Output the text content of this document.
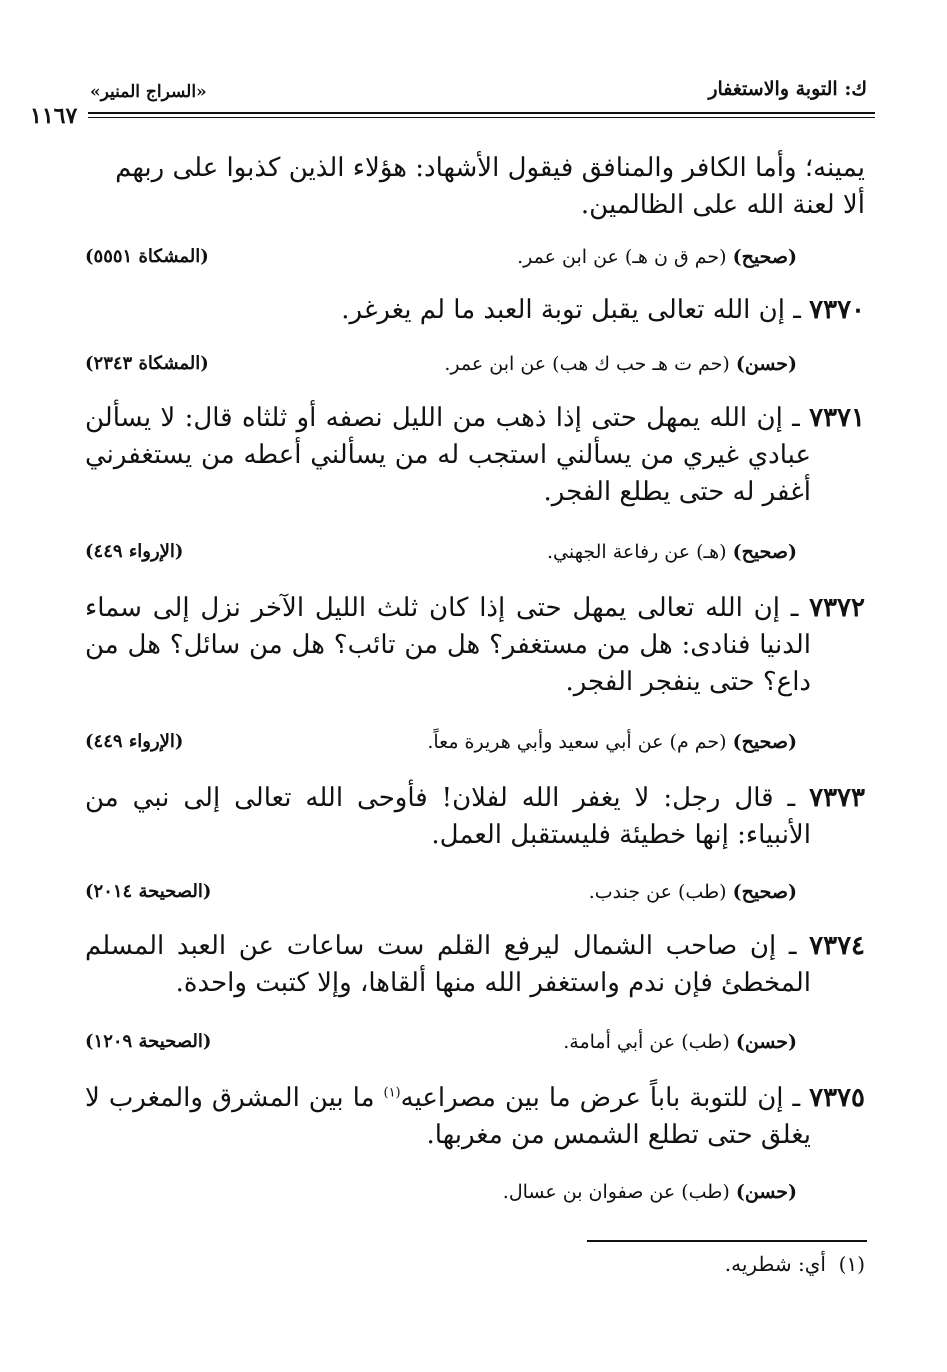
ك: التوبة والاستغفار
«السراج المنير»
١١٦٧
يمينه؛ وأما الكافر والمنافق فيقول الأشهاد: هؤلاء الذين كذبوا على ربهم
ألا لعنة الله على الظالمين.
(صحيح) (حم ق ن هـ) عن ابن عمر.
(المشكاة ٥٥٥١)
٧٣٧٠ ـ إن الله تعالى يقبل توبة العبد ما لم يغرغر.
(حسن) (حم ت هـ حب ك هب) عن ابن عمر.
(المشكاة ٢٣٤٣)
٧٣٧١ ـ إن الله يمهل حتى إذا ذهب من الليل نصفه أو ثلثاه قال: لا يسألن عبادي غيري من يسألني استجب له من يسألني أعطه من يستغفرني أغفر له حتى يطلع الفجر.
(صحيح) (هـ) عن رفاعة الجهني.
(الإرواء ٤٤٩)
٧٣٧٢ ـ إن الله تعالى يمهل حتى إذا كان ثلث الليل الآخر نزل إلى سماء الدنيا فنادى: هل من مستغفر؟ هل من تائب؟ هل من سائل؟ هل من داع؟ حتى ينفجر الفجر.
(صحيح) (حم م) عن أبي سعيد وأبي هريرة معاً.
(الإرواء ٤٤٩)
٧٣٧٣ ـ قال رجل: لا يغفر الله لفلان! فأوحى الله تعالى إلى نبي من الأنبياء: إنها خطيئة فليستقبل العمل.
(صحيح) (طب) عن جندب.
(الصحيحة ٢٠١٤)
٧٣٧٤ ـ إن صاحب الشمال ليرفع القلم ست ساعات عن العبد المسلم المخطئ فإن ندم واستغفر الله منها ألقاها، وإلا كتبت واحدة.
(حسن) (طب) عن أبي أمامة.
(الصحيحة ١٢٠٩)
٧٣٧٥ ـ إن للتوبة باباً عرض ما بين مصراعيه$^{(١)}$ ما بين المشرق والمغرب لا يغلق حتى تطلع الشمس من مغربها.
(حسن) (طب) عن صفوان بن عسال.
(١)  أي: شطريه.
